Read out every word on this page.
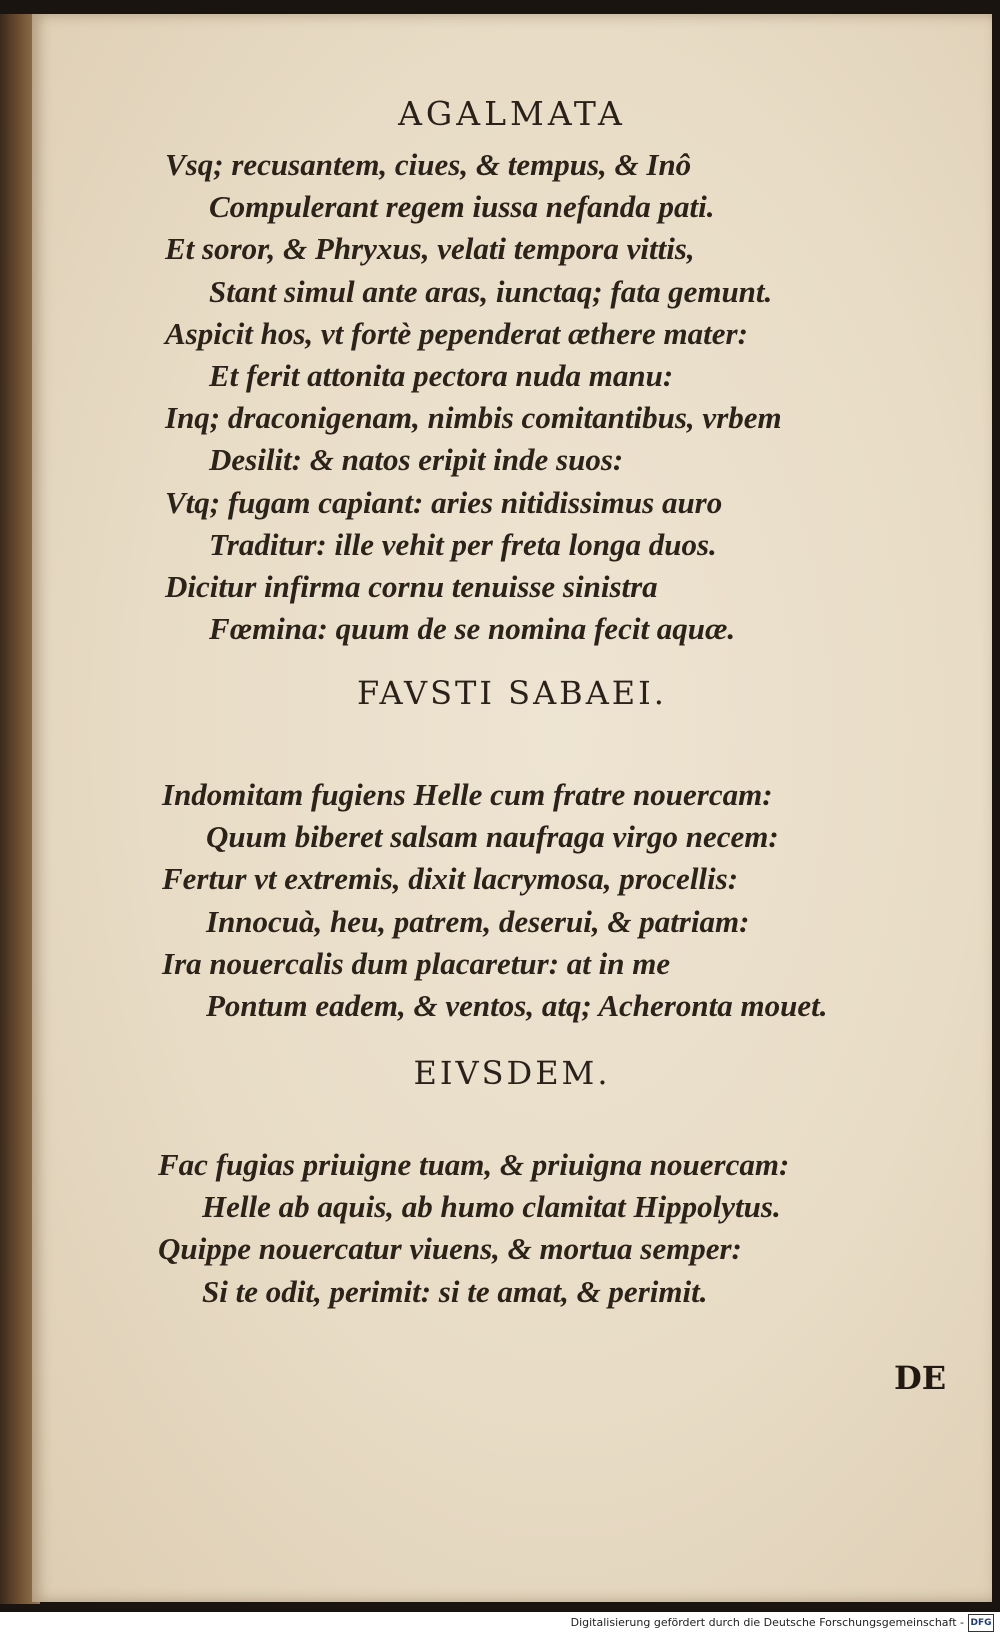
AGALMATA
Vsq; recusantem, ciues, & tempus, & Inô
Compulerant regem iussa nefanda pati.
Et soror, & Phryxus, velati tempora vittis,
Stant simul ante aras, iunctaq; fata gemunt.
Aspicit hos, vt fortè pependerat æthere mater:
Et ferit attonita pectora nuda manu:
Inq; draconigenam, nimbis comitantibus, vrbem
Desilit: & natos eripit inde suos:
Vtq; fugam capiant: aries nitidissimus auro
Traditur: ille vehit per freta longa duos.
Dicitur infirma cornu tenuisse sinistra
Fœmina: quum de se nomina fecit aquæ.
FAVSTI SABAEI.
Indomitam fugiens Helle cum fratre nouercam:
Quum biberet salsam naufraga virgo necem:
Fertur vt extremis, dixit lacrymosa, procellis:
Innocuà, heu, patrem, deserui, & patriam:
Ira nouercalis dum placaretur: at in me
Pontum eadem, & ventos, atq; Acheronta mouet.
EIVSDEM.
Fac fugias priuigne tuam, & priuigna nouercam:
Helle ab aquis, ab humo clamitat Hippolytus.
Quippe nouercatur viuens, & mortua semper:
Si te odit, perimit: si te amat, & perimit.
DE
Digitalisierung gefördert durch die Deutsche Forschungsgemeinschaft - DFG
